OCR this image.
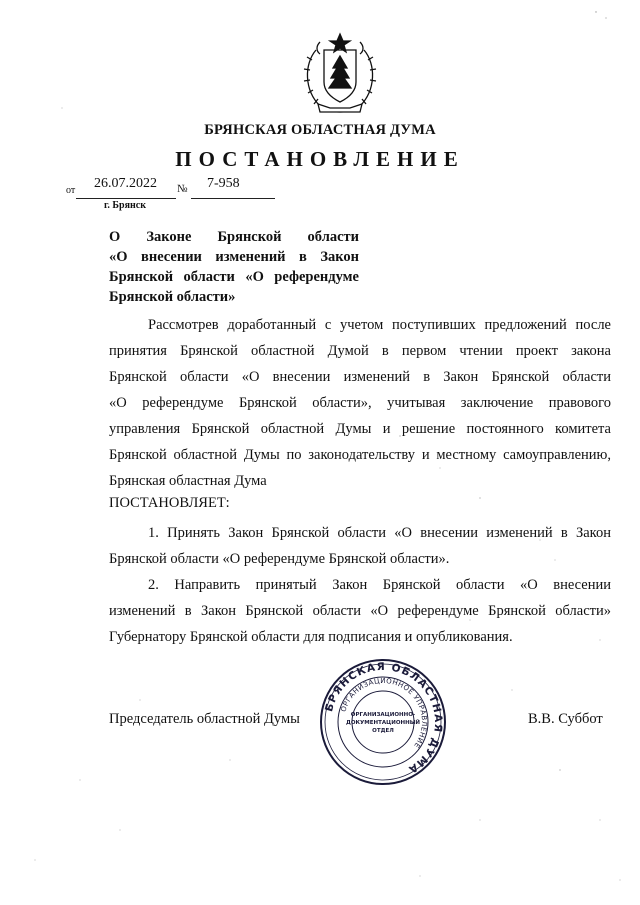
БРЯНСКАЯ ОБЛАСТНАЯ ДУМА
ПОСТАНОВЛЕНИЕ
от 26.07.2022 № 7-958
г. Брянск
О Законе Брянской области
«О внесении изменений в Закон
Брянской области «О референдуме
Брянской области»
Рассмотрев доработанный с учетом поступивших предложений после
принятия Брянской областной Думой в первом чтении проект закона
Брянской области «О внесении изменений в Закон Брянской области
«О референдуме Брянской области», учитывая заключение правового
управления Брянской областной Думы и решение постоянного комитета
Брянской областной Думы по законодательству и местному самоуправлению,
Брянская областная Дума
ПОСТАНОВЛЯЕТ:
1. Принять Закон Брянской области «О внесении изменений в Закон
Брянской области «О референдуме Брянской области».
2. Направить принятый Закон Брянской области «О внесении
изменений в Закон Брянской области «О референдуме Брянской области»
Губернатору Брянской области для подписания и опубликования.
Председатель областной Думы	В.В. Суббот
БРЯНСКАЯ ОБЛАСТНАЯ ДУМА
ОРГАНИЗАЦИОННОЕ УПРАВЛЕНИЕ
ОРГАНИЗАЦИОННО-
ДОКУМЕНТАЦИОННЫЙ
ОТДЕЛ
